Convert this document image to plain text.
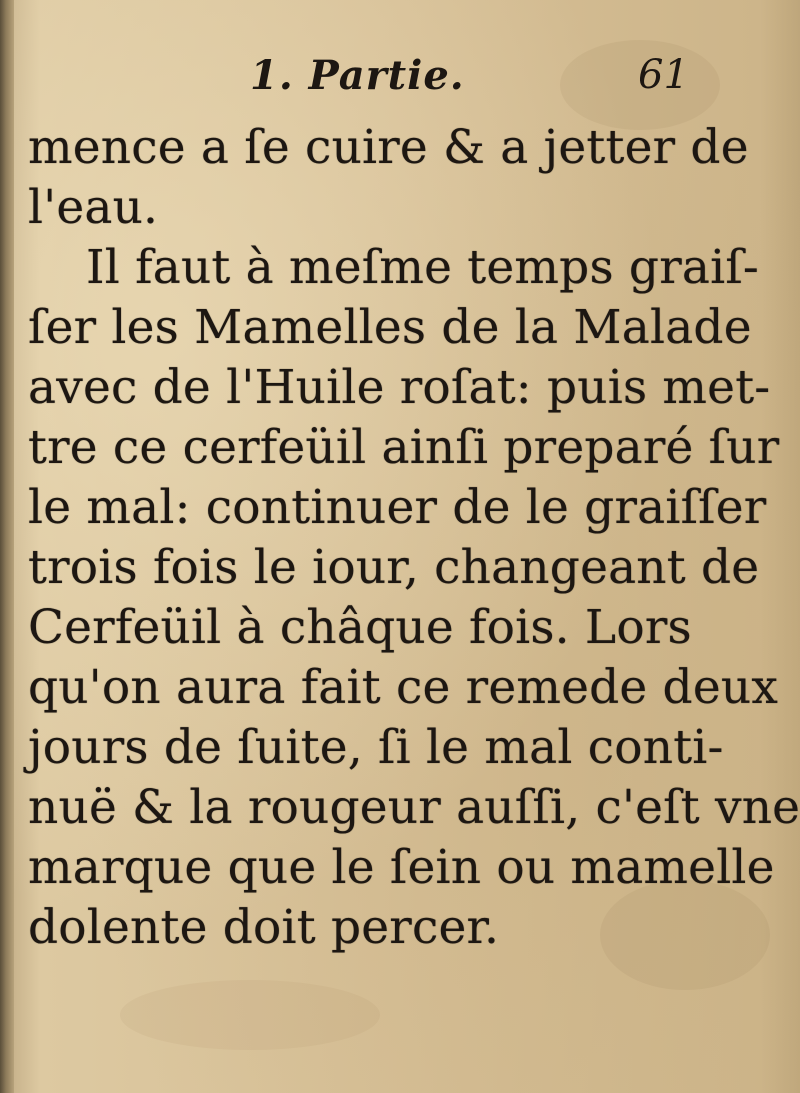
1. Partie.	61
mence a ſe cuire & a jetter de
l'eau.
Il faut à meſme temps graiſ-
ſer les Mamelles de la Malade
avec de l'Huile roſat: puis met-
tre ce cerfeüil ainſi preparé ſur
le mal: continuer de le graiſſer
trois fois le iour, changeant de
Cerfeüil à châque fois. Lors
qu'on aura fait ce remede deux
jours de ſuite, ſi le mal conti-
nuë & la rougeur auſſi, c'eſt vne
marque que le ſein ou mamelle
dolente doit percer.
